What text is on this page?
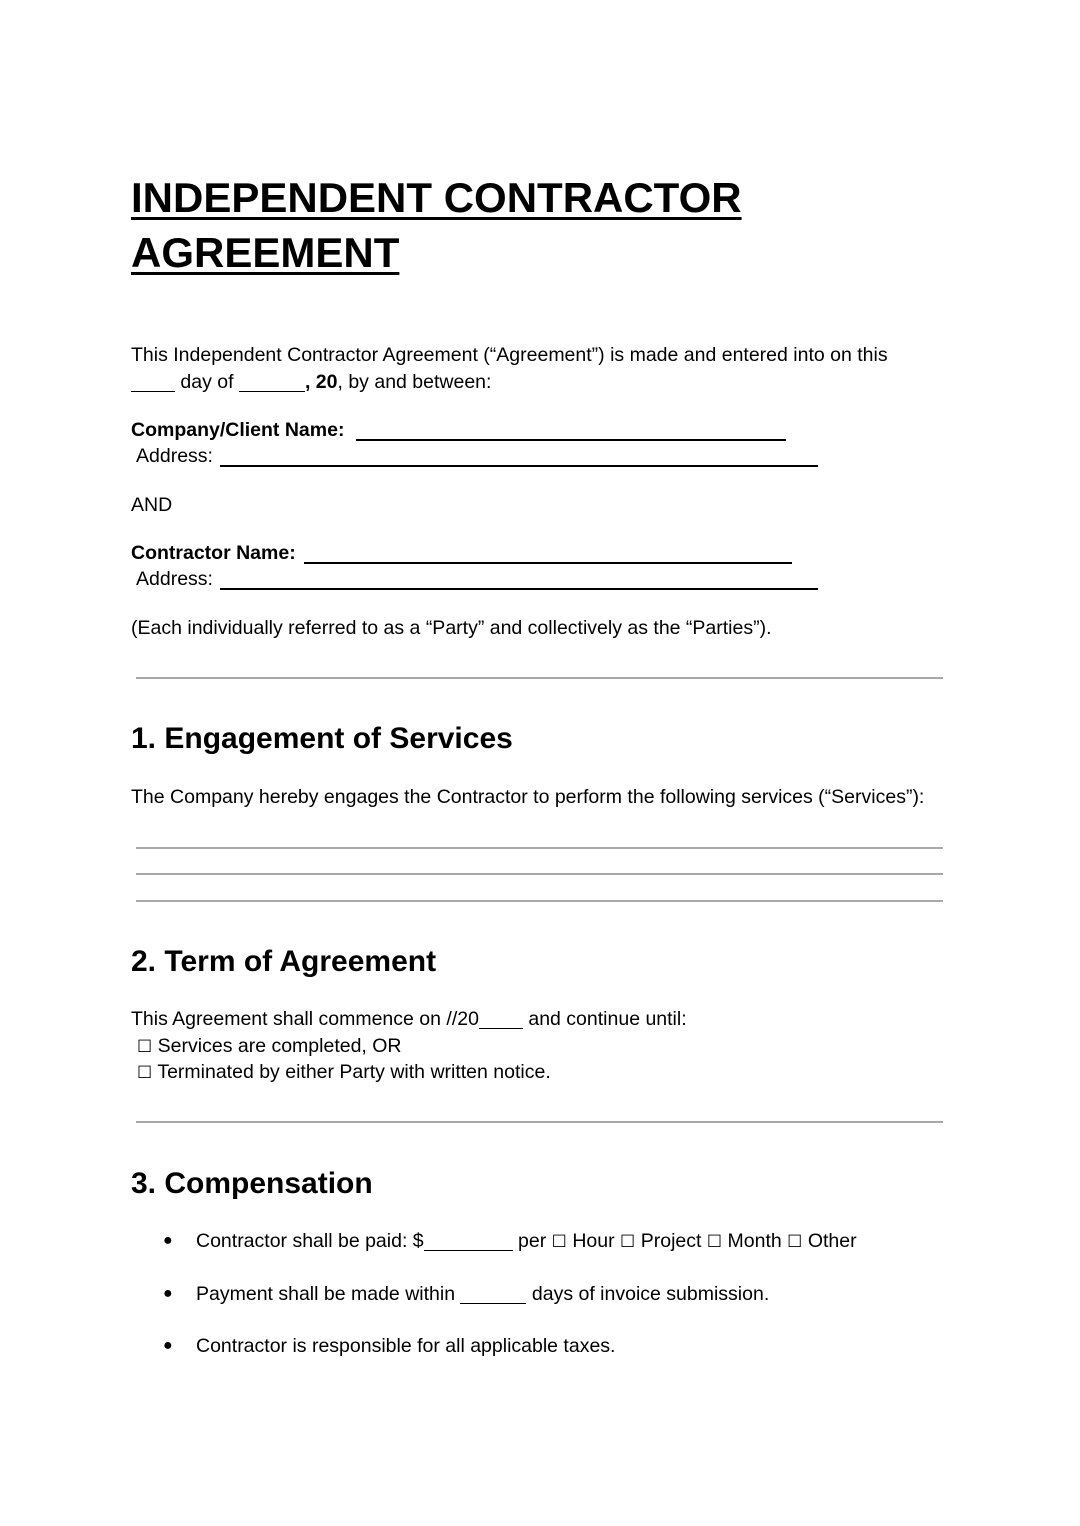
INDEPENDENT CONTRACTOR AGREEMENT
This Independent Contractor Agreement (“Agreement”) is made and entered into on this
day of	, 20, by and between:
Company/Client Name:
Address:
AND
Contractor Name:
Address:
(Each individually referred to as a “Party” and collectively as the “Parties”).
1. Engagement of Services
The Company hereby engages the Contractor to perform the following services (“Services”):
2. Term of Agreement
This Agreement shall commence on //20 and continue until:
☐ Services are completed, OR
☐ Terminated by either Party with written notice.
3. Compensation
● Contractor shall be paid: $	per ☐ Hour ☐ Project ☐ Month ☐ Other
● Payment shall be made within	days of invoice submission.
● Contractor is responsible for all applicable taxes.
